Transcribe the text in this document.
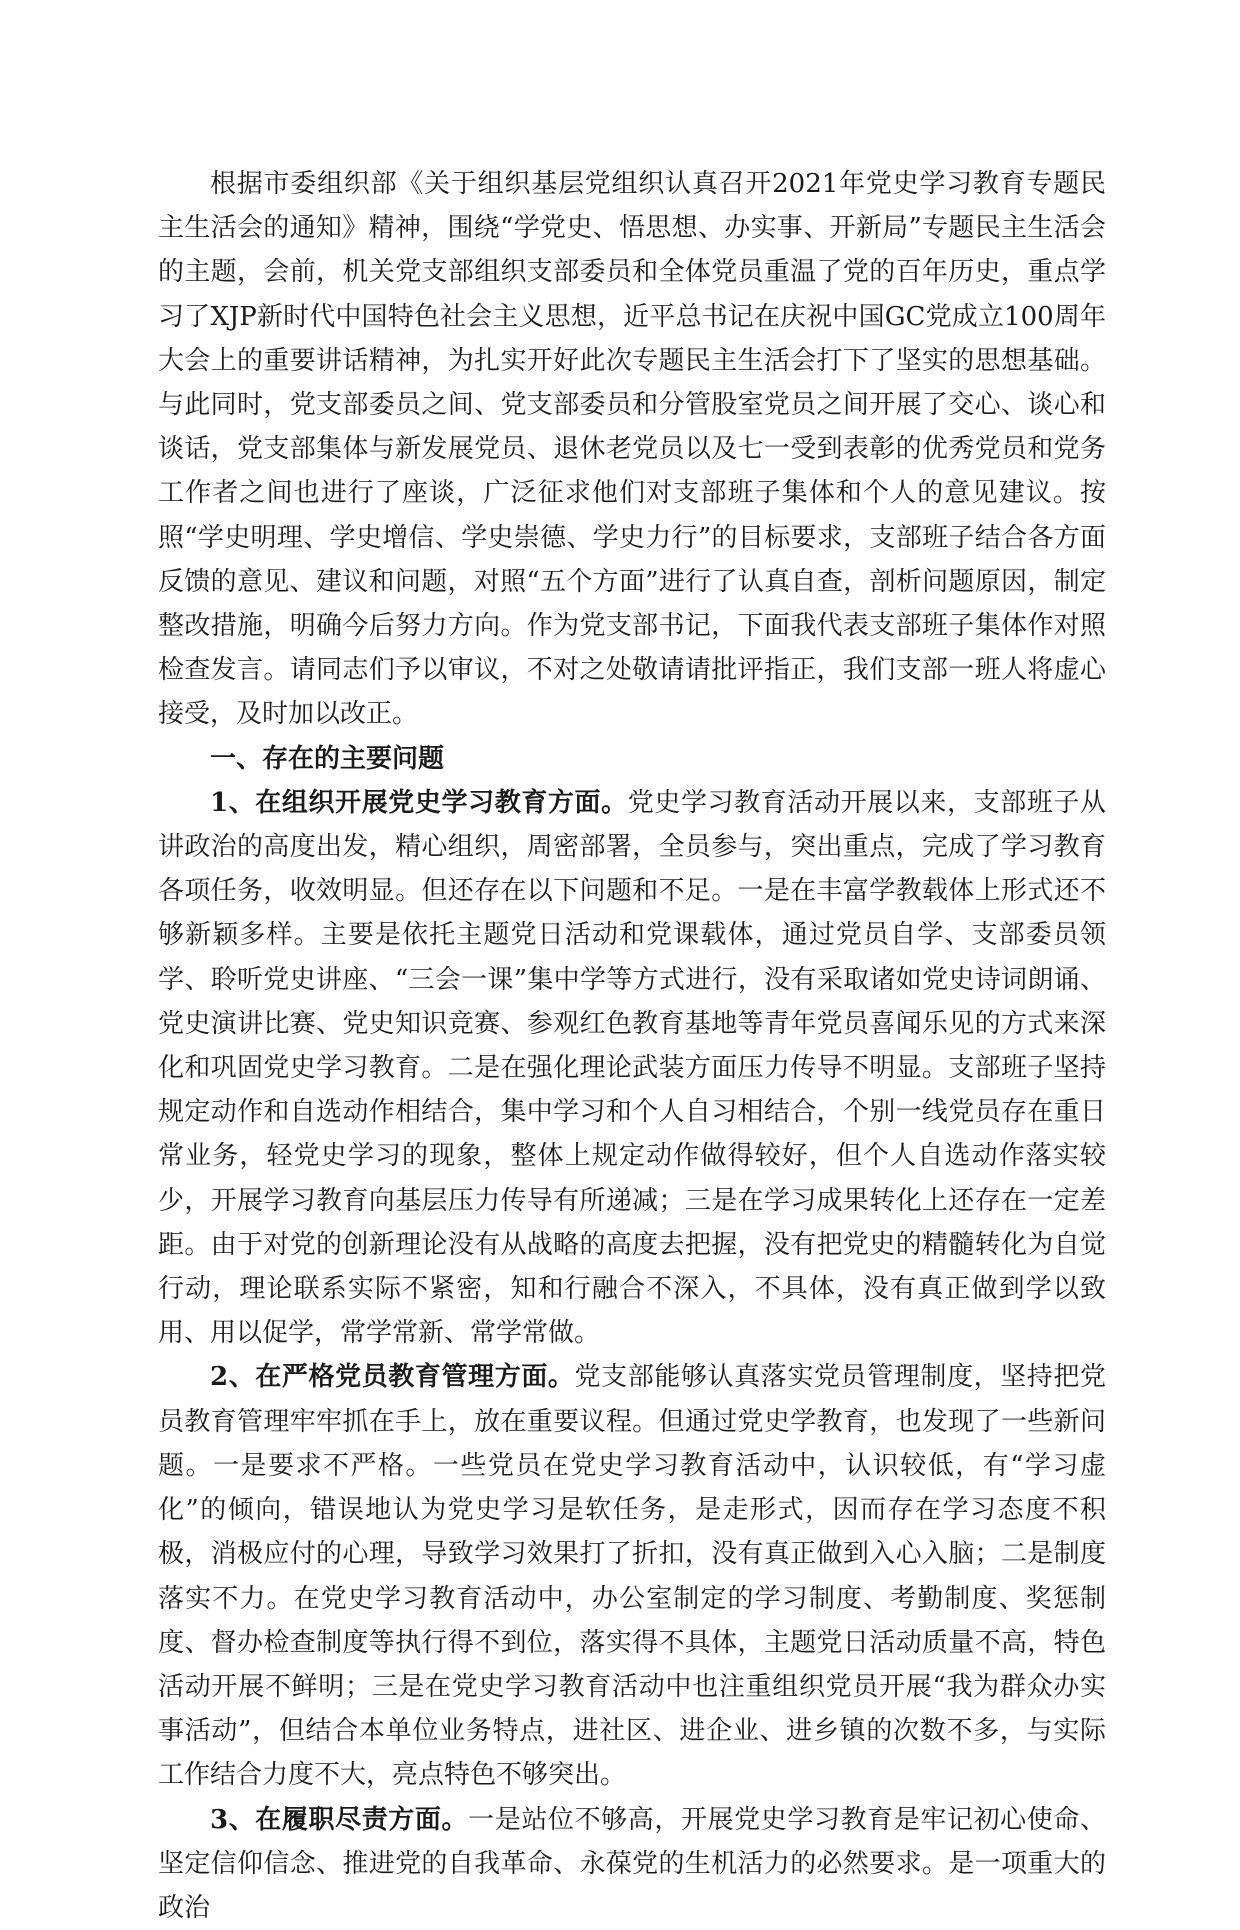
根据市委组织部《关于组织基层党组织认真召开2021年党史学习教育专题民主生活会的通知》精神，围绕“学党史、悟思想、办实事、开新局”专题民主生活会的主题，会前，机关党支部组织支部委员和全体党员重温了党的百年历史，重点学习了XJP新时代中国特色社会主义思想，近平总书记在庆祝中国GC党成立100周年大会上的重要讲话精神，为扎实开好此次专题民主生活会打下了坚实的思想基础。与此同时，党支部委员之间、党支部委员和分管股室党员之间开展了交心、谈心和谈话，党支部集体与新发展党员、退休老党员以及七一受到表彰的优秀党员和党务工作者之间也进行了座谈，广泛征求他们对支部班子集体和个人的意见建议。按照“学史明理、学史增信、学史崇德、学史力行”的目标要求，支部班子结合各方面反馈的意见、建议和问题，对照“五个方面”进行了认真自查，剖析问题原因，制定整改措施，明确今后努力方向。作为党支部书记，下面我代表支部班子集体作对照检查发言。请同志们予以审议，不对之处敬请请批评指正，我们支部一班人将虚心接受，及时加以改正。

一、存在的主要问题

1、在组织开展党史学习教育方面。党史学习教育活动开展以来，支部班子从讲政治的高度出发，精心组织，周密部署，全员参与，突出重点，完成了学习教育各项任务，收效明显。但还存在以下问题和不足。一是在丰富学教载体上形式还不够新颖多样。主要是依托主题党日活动和党课载体，通过党员自学、支部委员领学、聆听党史讲座、“三会一课”集中学等方式进行，没有采取诸如党史诗词朗诵、党史演讲比赛、党史知识竞赛、参观红色教育基地等青年党员喜闻乐见的方式来深化和巩固党史学习教育。二是在强化理论武装方面压力传导不明显。支部班子坚持规定动作和自选动作相结合，集中学习和个人自习相结合，个别一线党员存在重日常业务，轻党史学习的现象，整体上规定动作做得较好，但个人自选动作落实较少，开展学习教育向基层压力传导有所递减；三是在学习成果转化上还存在一定差距。由于对党的创新理论没有从战略的高度去把握，没有把党史的精髓转化为自觉行动，理论联系实际不紧密，知和行融合不深入，不具体，没有真正做到学以致用、用以促学，常学常新、常学常做。

2、在严格党员教育管理方面。党支部能够认真落实党员管理制度，坚持把党员教育管理牢牢抓在手上，放在重要议程。但通过党史学教育，也发现了一些新问题。一是要求不严格。一些党员在党史学习教育活动中，认识较低，有“学习虚化”的倾向，错误地认为党史学习是软任务，是走形式，因而存在学习态度不积极，消极应付的心理，导致学习效果打了折扣，没有真正做到入心入脑；二是制度落实不力。在党史学习教育活动中，办公室制定的学习制度、考勤制度、奖惩制度、督办检查制度等执行得不到位，落实得不具体，主题党日活动质量不高，特色活动开展不鲜明；三是在党史学习教育活动中也注重组织党员开展“我为群众办实事活动”，但结合本单位业务特点，进社区、进企业、进乡镇的次数不多，与实际工作结合力度不大，亮点特色不够突出。

3、在履职尽责方面。一是站位不够高，开展党史学习教育是牢记初心使命、坚定信仰信念、推进党的自我革命、永葆党的生机活力的必然要求。是一项重大的政治
